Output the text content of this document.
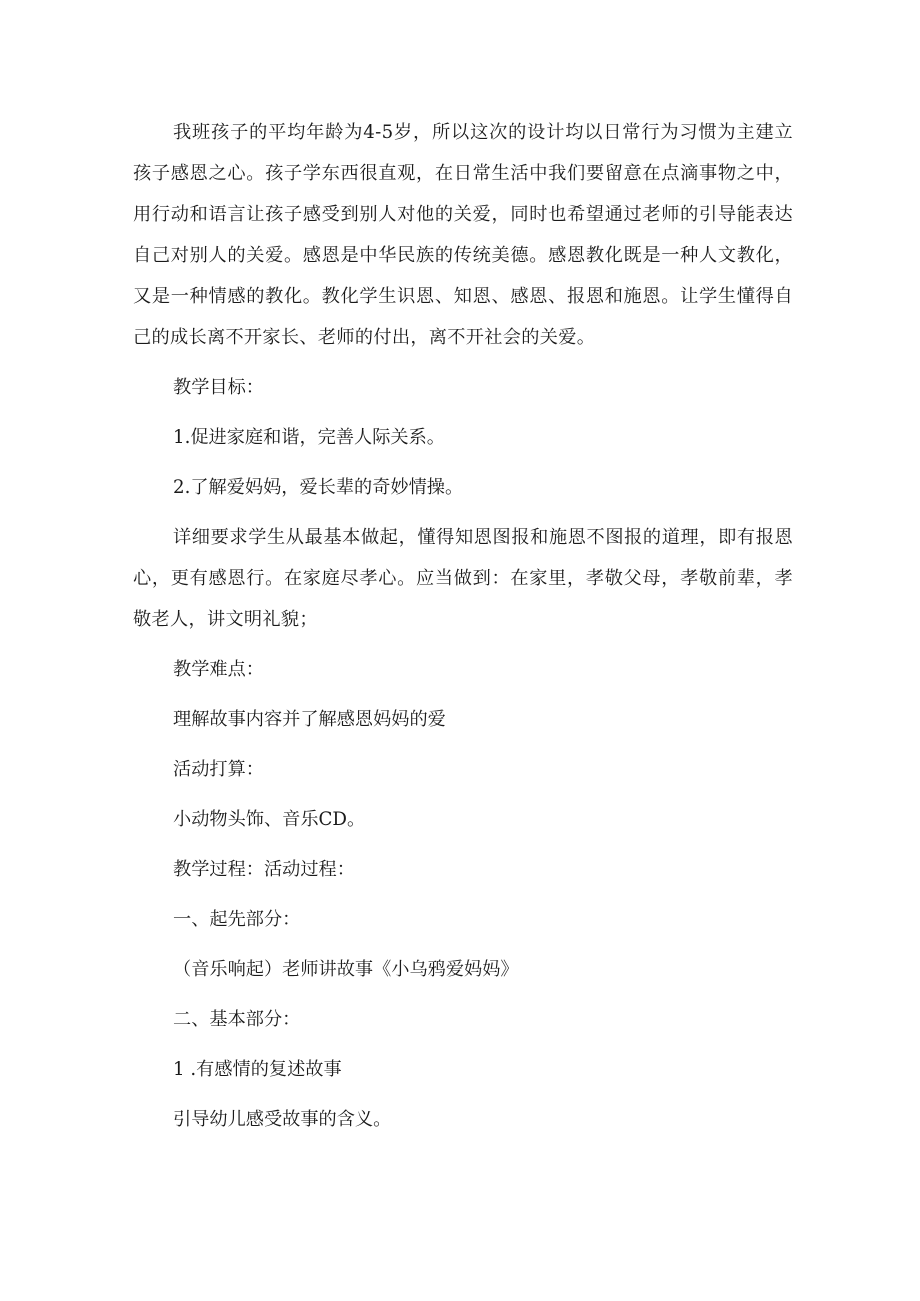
我班孩子的平均年龄为4-5岁，所以这次的设计均以日常行为习惯为主建立孩子感恩之心。孩子学东西很直观，在日常生活中我们要留意在点滴事物之中，用行动和语言让孩子感受到别人对他的关爱，同时也希望通过老师的引导能表达自己对别人的关爱。感恩是中华民族的传统美德。感恩教化既是一种人文教化，又是一种情感的教化。教化学生识恩、知恩、感恩、报恩和施恩。让学生懂得自己的成长离不开家长、老师的付出，离不开社会的关爱。

教学目标：

1.促进家庭和谐，完善人际关系。

2.了解爱妈妈，爱长辈的奇妙情操。

详细要求学生从最基本做起，懂得知恩图报和施恩不图报的道理，即有报恩心，更有感恩行。在家庭尽孝心。应当做到：在家里，孝敬父母，孝敬前辈，孝敬老人，讲文明礼貌；

教学难点：

理解故事内容并了解感恩妈妈的爱

活动打算：

小动物头饰、音乐CD。

教学过程：活动过程：

一、起先部分：

（音乐响起）老师讲故事《小乌鸦爱妈妈》

二、基本部分：

1 .有感情的复述故事

引导幼儿感受故事的含义。
